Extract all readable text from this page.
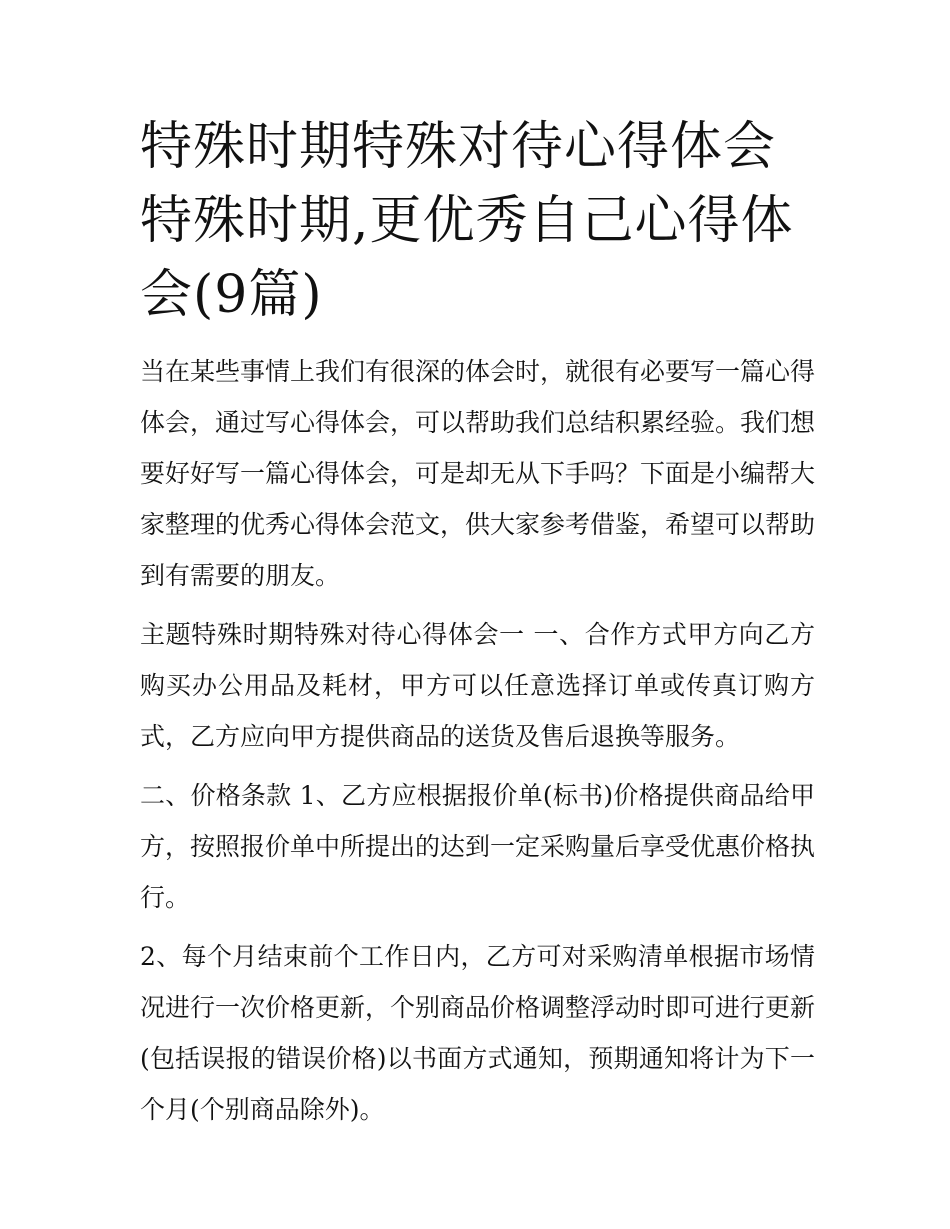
特殊时期特殊对待心得体会 特殊时期,更优秀自己心得体会(9篇)

当在某些事情上我们有很深的体会时，就很有必要写一篇心得体会，通过写心得体会，可以帮助我们总结积累经验。我们想要好好写一篇心得体会，可是却无从下手吗？下面是小编帮大家整理的优秀心得体会范文，供大家参考借鉴，希望可以帮助到有需要的朋友。

主题特殊时期特殊对待心得体会一 一、合作方式甲方向乙方购买办公用品及耗材，甲方可以任意选择订单或传真订购方式，乙方应向甲方提供商品的送货及售后退换等服务。

二、价格条款 1、乙方应根据报价单(标书)价格提供商品给甲方，按照报价单中所提出的达到一定采购量后享受优惠价格执行。

2、每个月结束前个工作日内，乙方可对采购清单根据市场情况进行一次价格更新，个别商品价格调整浮动时即可进行更新(包括误报的错误价格)以书面方式通知，预期通知将计为下一个月(个别商品除外)。
